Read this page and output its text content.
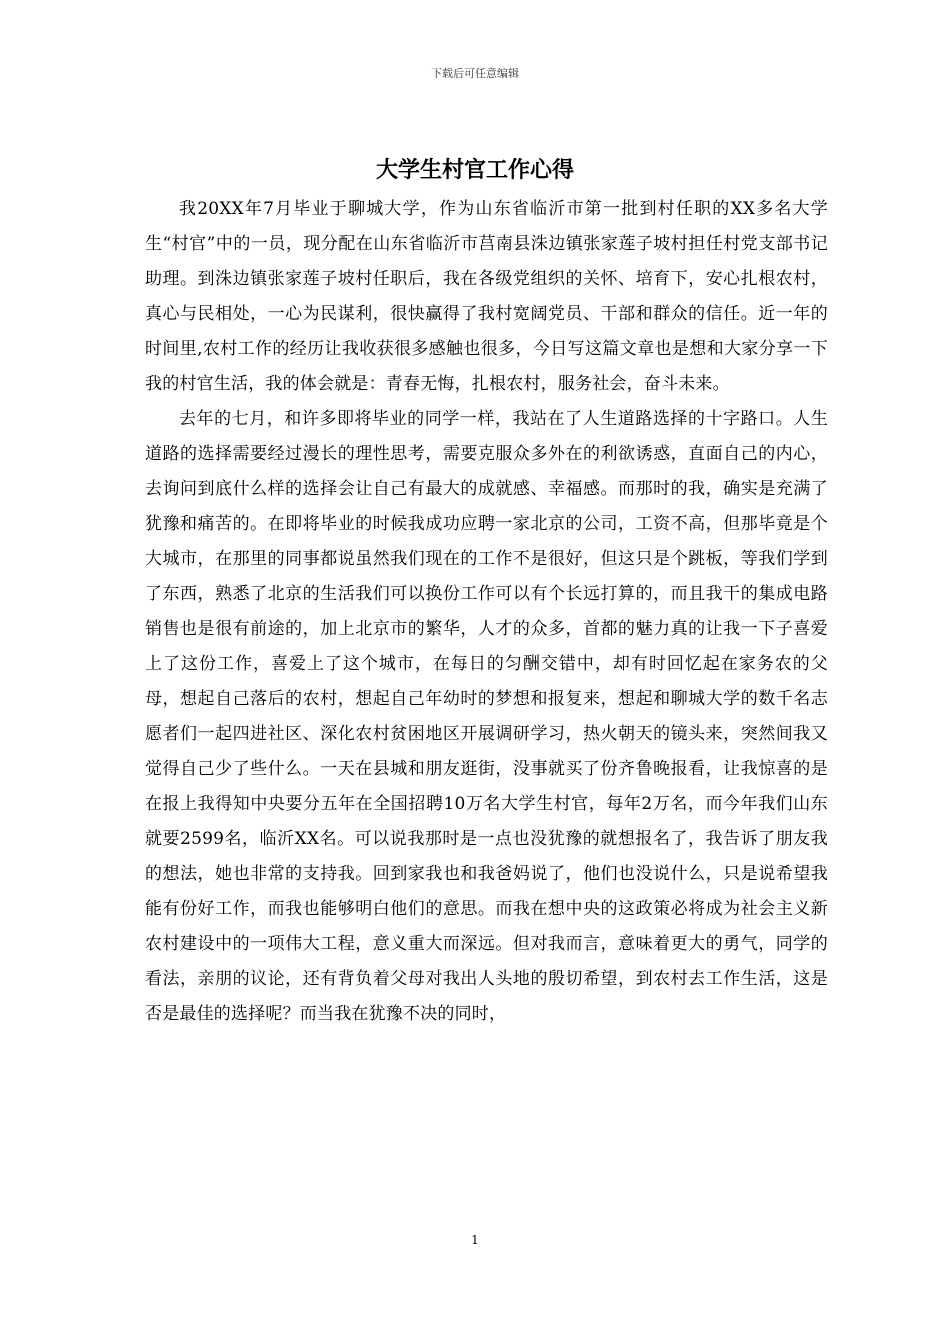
下载后可任意编辑
大学生村官工作心得

我20XX年7月毕业于聊城大学，作为山东省临沂市第一批到村任职的XX多名大学生“村官”中的一员，现分配在山东省临沂市莒南县洙边镇张家莲子坡村担任村党支部书记助理。到洙边镇张家莲子坡村任职后，我在各级党组织的关怀、培育下，安心扎根农村，真心与民相处，一心为民谋利，很快赢得了我村宽阔党员、干部和群众的信任。近一年的时间里,农村工作的经历让我收获很多感触也很多，今日写这篇文章也是想和大家分享一下我的村官生活，我的体会就是：青春无悔，扎根农村，服务社会，奋斗未来。

去年的七月，和许多即将毕业的同学一样，我站在了人生道路选择的十字路口。人生道路的选择需要经过漫长的理性思考，需要克服众多外在的利欲诱惑，直面自己的内心，去询问到底什么样的选择会让自己有最大的成就感、幸福感。而那时的我，确实是充满了犹豫和痛苦的。在即将毕业的时候我成功应聘一家北京的公司，工资不高，但那毕竟是个大城市，在那里的同事都说虽然我们现在的工作不是很好，但这只是个跳板，等我们学到了东西，熟悉了北京的生活我们可以换份工作可以有个长远打算的，而且我干的集成电路销售也是很有前途的，加上北京市的繁华，人才的众多，首都的魅力真的让我一下子喜爱上了这份工作，喜爱上了这个城市，在每日的匀酬交错中，却有时回忆起在家务农的父母，想起自己落后的农村，想起自己年幼时的梦想和报复来，想起和聊城大学的数千名志愿者们一起四进社区、深化农村贫困地区开展调研学习，热火朝天的镜头来，突然间我又觉得自己少了些什么。一天在县城和朋友逛街，没事就买了份齐鲁晚报看，让我惊喜的是在报上我得知中央要分五年在全国招聘10万名大学生村官，每年2万名，而今年我们山东就要2599名，临沂XX名。可以说我那时是一点也没犹豫的就想报名了，我告诉了朋友我的想法，她也非常的支持我。回到家我也和我爸妈说了，他们也没说什么，只是说希望我能有份好工作，而我也能够明白他们的意思。而我在想中央的这政策必将成为社会主义新农村建设中的一项伟大工程，意义重大而深远。但对我而言，意味着更大的勇气，同学的看法，亲朋的议论，还有背负着父母对我出人头地的殷切希望，到农村去工作生活，这是否是最佳的选择呢？而当我在犹豫不决的同时，

1
